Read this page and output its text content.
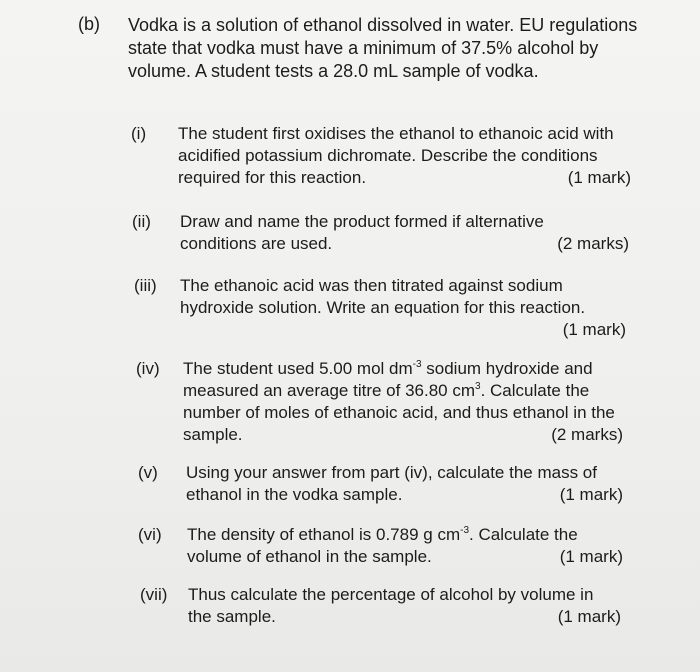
(b) Vodka is a solution of ethanol dissolved in water. EU regulations state that vodka must have a minimum of 37.5% alcohol by volume. A student tests a 28.0 mL sample of vodka.
(i) The student first oxidises the ethanol to ethanoic acid with acidified potassium dichromate. Describe the conditions required for this reaction.	(1 mark)
(ii) Draw and name the product formed if alternative conditions are used.	(2 marks)
(iii) The ethanoic acid was then titrated against sodium hydroxide solution. Write an equation for this reaction.
(1 mark)
(iv) The student used 5.00 mol $dm^{-3}$ sodium hydroxide and measured an average titre of 36.80 $cm^3$. Calculate the number of moles of ethanoic acid, and thus ethanol in the sample.	(2 marks)
(v) Using your answer from part (iv), calculate the mass of ethanol in the vodka sample.	(1 mark)
(vi) The density of ethanol is 0.789 g $cm^{-3}$. Calculate the volume of ethanol in the sample.	(1 mark)
(vii) Thus calculate the percentage of alcohol by volume in the sample.	(1 mark)
